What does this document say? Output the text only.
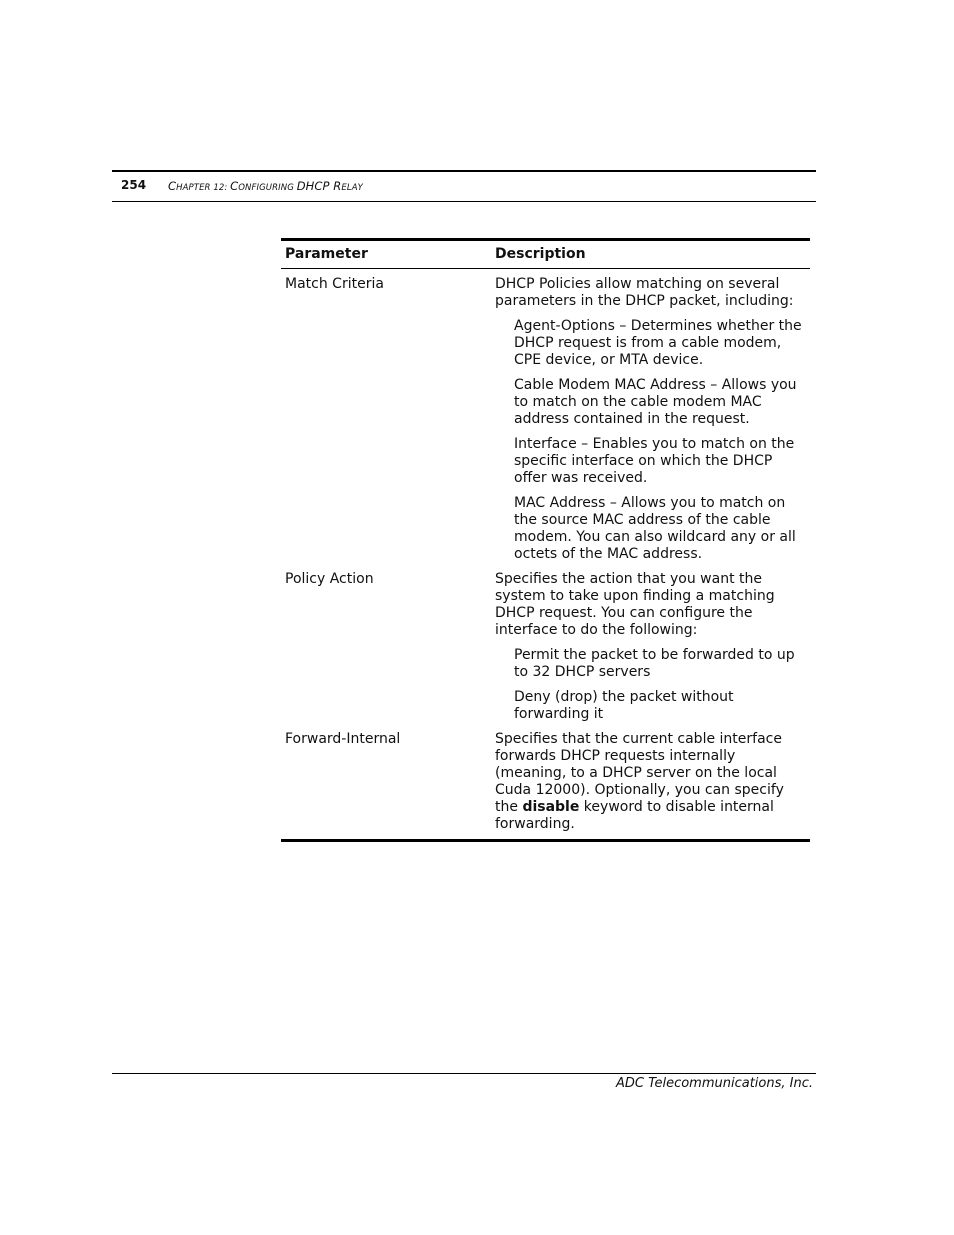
254 CHAPTER 12: CONFIGURING DHCP RELAY
Parameter	Description
Match Criteria	DHCP Policies allow matching on several parameters in the DHCP packet, including:

Agent-Options – Determines whether the DHCP request is from a cable modem, CPE device, or MTA device.

Cable Modem MAC Address – Allows you to match on the cable modem MAC address contained in the request.

Interface – Enables you to match on the specific interface on which the DHCP offer was received.

MAC Address – Allows you to match on the source MAC address of the cable modem. You can also wildcard any or all octets of the MAC address.

Policy Action	Specifies the action that you want the system to take upon finding a matching DHCP request. You can configure the interface to do the following:

Permit the packet to be forwarded to up to 32 DHCP servers

Deny (drop) the packet without forwarding it

Forward-Internal	Specifies that the current cable interface forwards DHCP requests internally (meaning, to a DHCP server on the local Cuda 12000). Optionally, you can specify the disable keyword to disable internal forwarding.

ADC Telecommunications, Inc.
